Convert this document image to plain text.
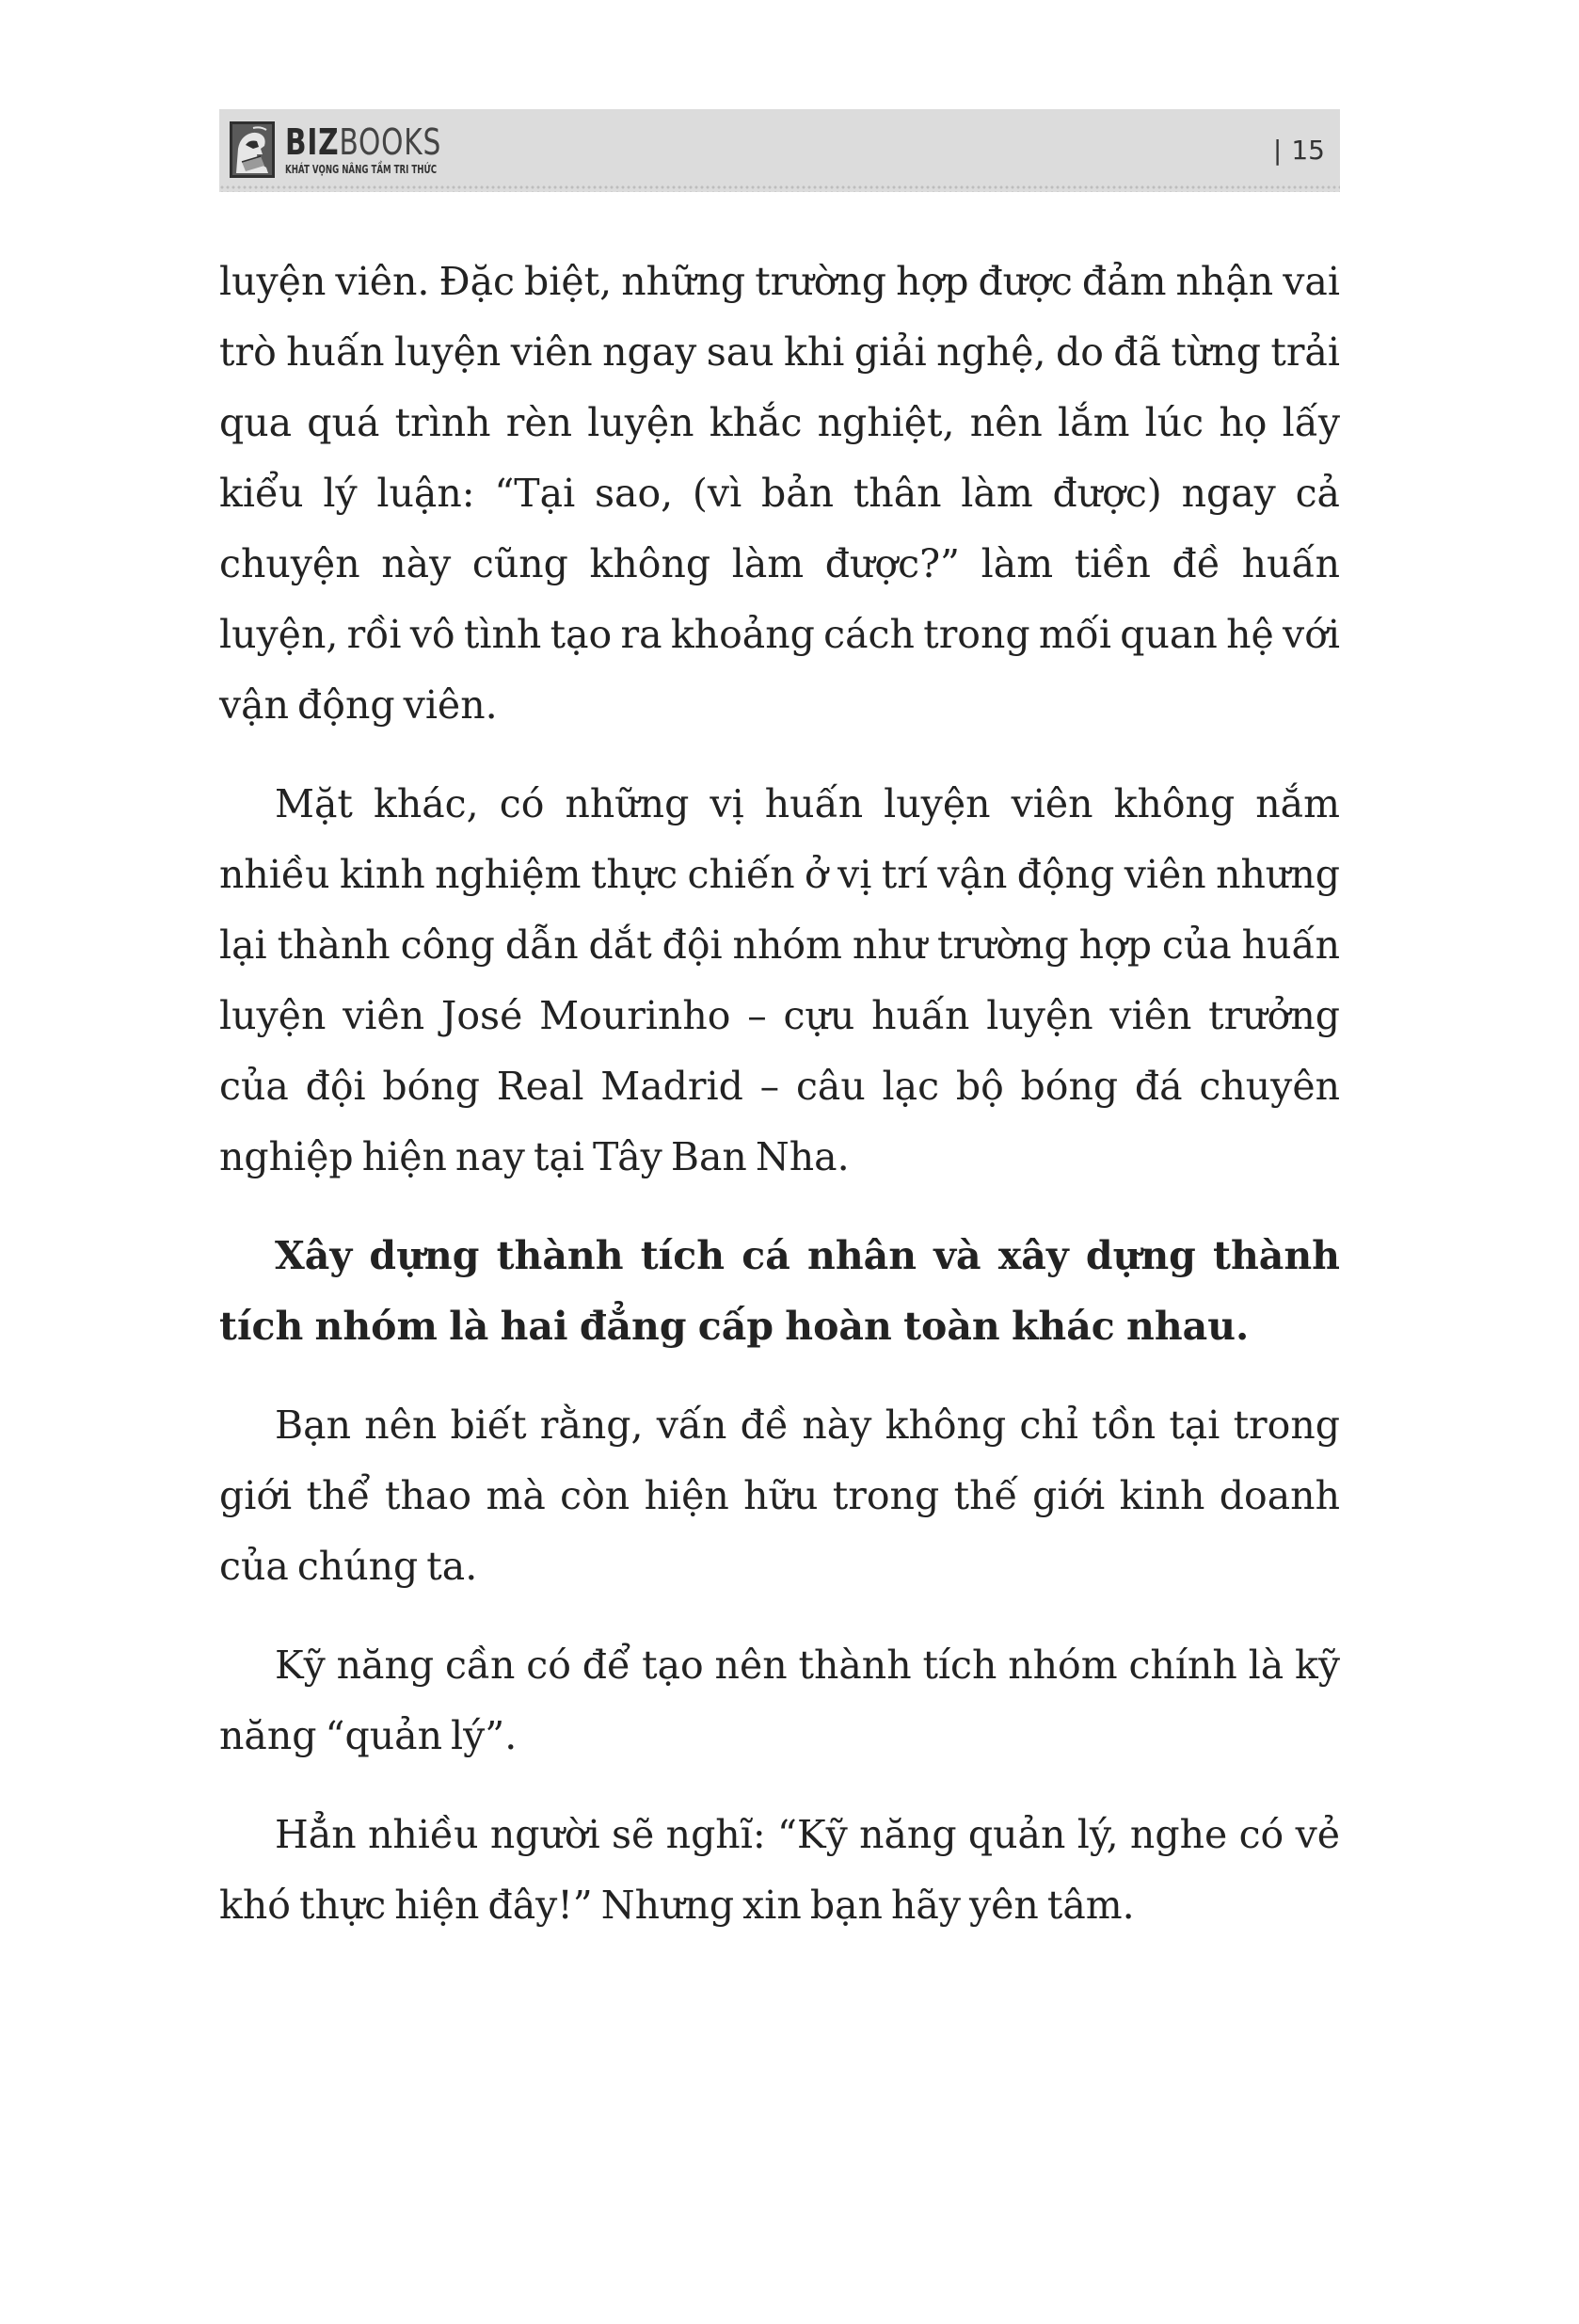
BIZBOOKS
KHÁT VỌNG NÂNG TẦM TRI THỨC
| 15

luyện viên. Đặc biệt, những trường hợp được đảm nhận vai trò huấn luyện viên ngay sau khi giải nghệ, do đã từng trải qua quá trình rèn luyện khắc nghiệt, nên lắm lúc họ lấy kiểu lý luận: “Tại sao, (vì bản thân làm được) ngay cả chuyện này cũng không làm được?” làm tiền đề huấn luyện, rồi vô tình tạo ra khoảng cách trong mối quan hệ với vận động viên.

Mặt khác, có những vị huấn luyện viên không nắm nhiều kinh nghiệm thực chiến ở vị trí vận động viên nhưng lại thành công dẫn dắt đội nhóm như trường hợp của huấn luyện viên José Mourinho – cựu huấn luyện viên trưởng của đội bóng Real Madrid – câu lạc bộ bóng đá chuyên nghiệp hiện nay tại Tây Ban Nha.

Xây dựng thành tích cá nhân và xây dựng thành tích nhóm là hai đẳng cấp hoàn toàn khác nhau.

Bạn nên biết rằng, vấn đề này không chỉ tồn tại trong giới thể thao mà còn hiện hữu trong thế giới kinh doanh của chúng ta.

Kỹ năng cần có để tạo nên thành tích nhóm chính là kỹ năng “quản lý”.

Hẳn nhiều người sẽ nghĩ: “Kỹ năng quản lý, nghe có vẻ khó thực hiện đây!” Nhưng xin bạn hãy yên tâm.
